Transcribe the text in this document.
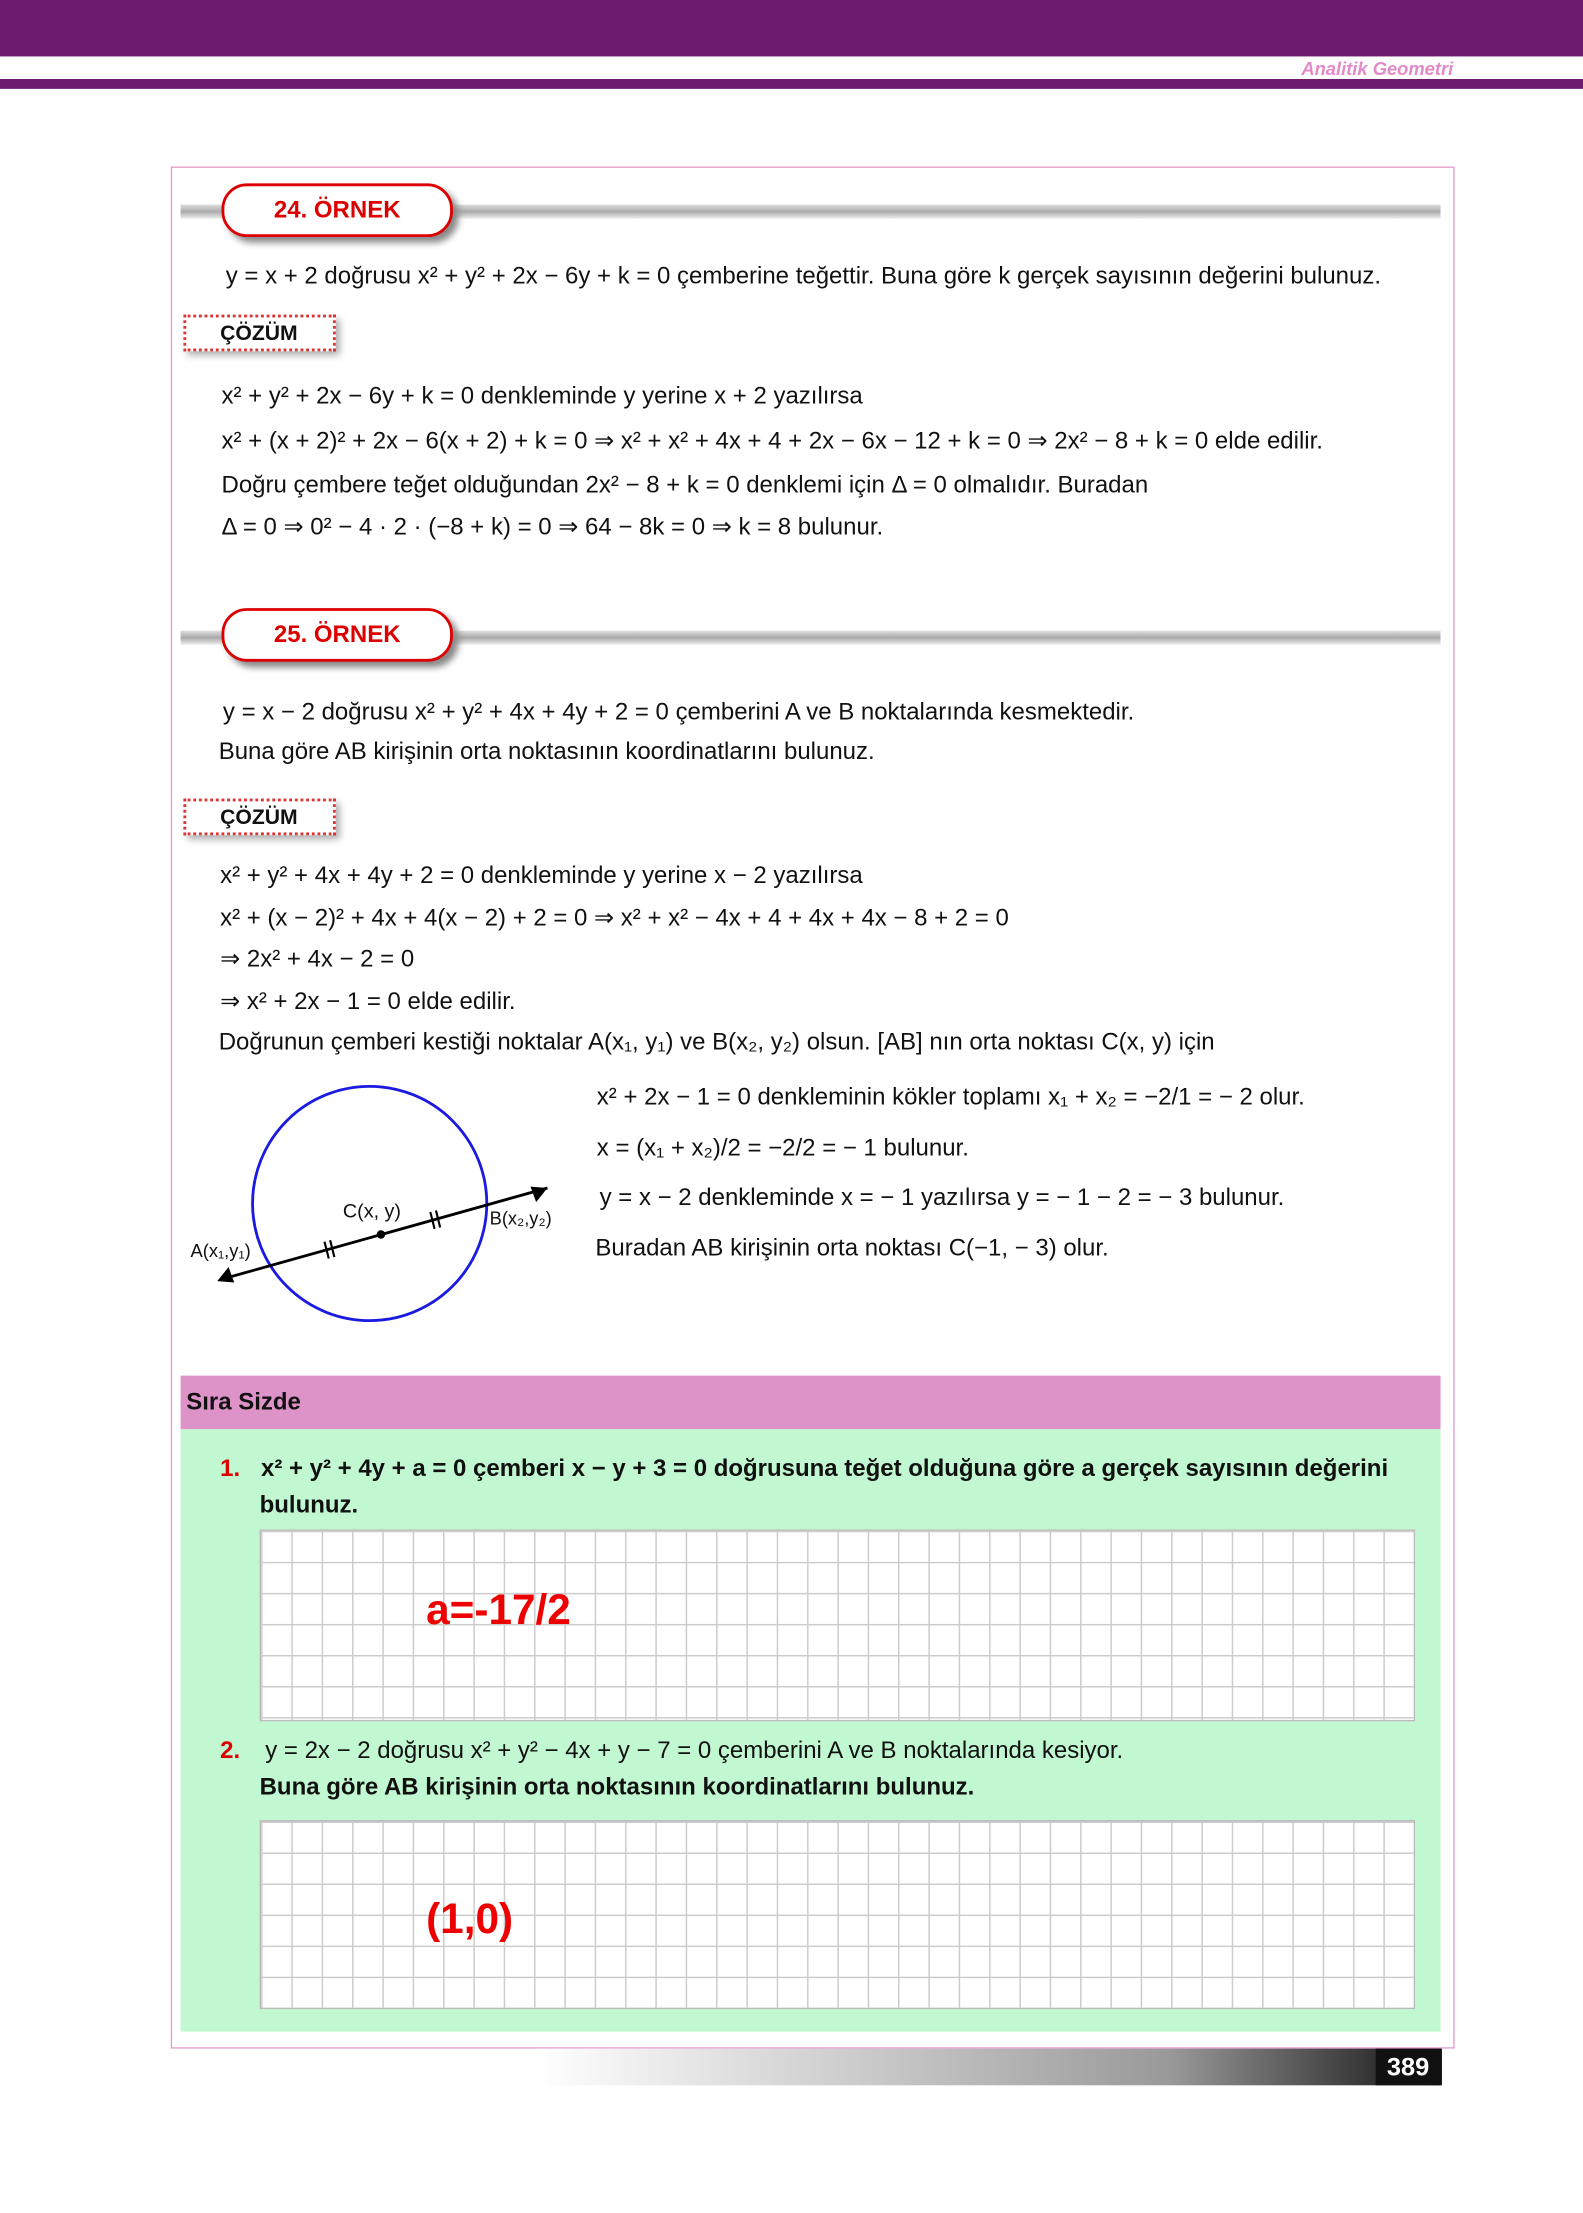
Analitik Geometri
24. ÖRNEK
y = x + 2 doğrusu x² + y² + 2x − 6y + k = 0 çemberine teğettir. Buna göre k gerçek sayısının değerini bulunuz.
ÇÖZÜM
x² + y² + 2x − 6y + k = 0 denkleminde y yerine x + 2 yazılırsa
x² + (x + 2)² + 2x − 6(x + 2) + k = 0 ⇒ x² + x² + 4x + 4 + 2x − 6x − 12 + k = 0 ⇒ 2x² − 8 + k = 0 elde edilir.
Doğru çembere teğet olduğundan 2x² − 8 + k = 0 denklemi için Δ = 0 olmalıdır. Buradan
Δ = 0 ⇒ 0² − 4 · 2 · (−8 + k) = 0 ⇒ 64 − 8k = 0 ⇒ k = 8 bulunur.
25. ÖRNEK
y = x − 2 doğrusu x² + y² + 4x + 4y + 2 = 0 çemberini A ve B noktalarında kesmektedir.
Buna göre AB kirişinin orta noktasının koordinatlarını bulunuz.
ÇÖZÜM
x² + y² + 4x + 4y + 2 = 0 denkleminde y yerine x − 2 yazılırsa
x² + (x − 2)² + 4x + 4(x − 2) + 2 = 0 ⇒ x² + x² − 4x + 4 + 4x + 4x − 8 + 2 = 0
⇒ 2x² + 4x − 2 = 0
⇒ x² + 2x − 1 = 0 elde edilir.
Doğrunun çemberi kestiği noktalar A(x₁, y₁) ve B(x₂, y₂) olsun. [AB] nın orta noktası C(x, y) için
x² + 2x − 1 = 0 denkleminin kökler toplamı x₁ + x₂ = −2/1 = − 2 olur.
x = (x₁ + x₂)/2 = −2/2 = − 1 bulunur.
y = x − 2 denkleminde x = − 1 yazılırsa y = − 1 − 2 = − 3 bulunur.
Buradan AB kirişinin orta noktası C(−1, − 3) olur.
A(x₁,y₁)
B(x₂,y₂)
C(x, y)
Sıra Sizde
1. x² + y² + 4y + a = 0 çemberi x − y + 3 = 0 doğrusuna teğet olduğuna göre a gerçek sayısının değerini
bulunuz.
a=-17/2
2. y = 2x − 2 doğrusu x² + y² − 4x + y − 7 = 0 çemberini A ve B noktalarında kesiyor.
Buna göre AB kirişinin orta noktasının koordinatlarını bulunuz.
(1,0)
389
